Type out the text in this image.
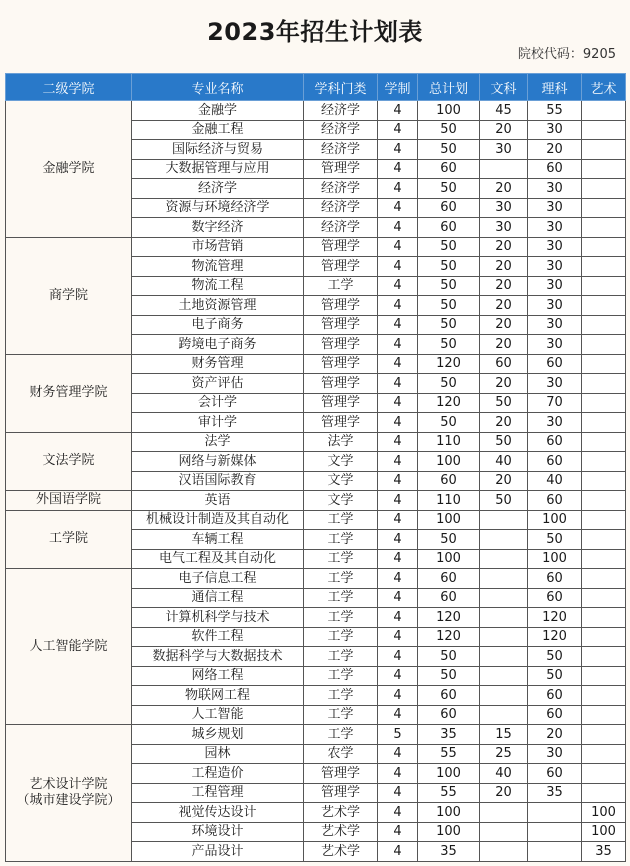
2023年招生计划表
院校代码：9205
二级学院	专业名称	学科门类	学制	总计划	文科	理科	艺术
金融学院	金融学	经济学	4	100	45	55	
	金融工程	经济学	4	50	20	30	
	国际经济与贸易	经济学	4	50	30	20	
	大数据管理与应用	管理学	4	60		60	
	经济学	经济学	4	50	20	30	
	资源与环境经济学	经济学	4	60	30	30	
	数字经济	经济学	4	60	30	30	
商学院	市场营销	管理学	4	50	20	30	
	物流管理	管理学	4	50	20	30	
	物流工程	工学	4	50	20	30	
	土地资源管理	管理学	4	50	20	30	
	电子商务	管理学	4	50	20	30	
	跨境电子商务	管理学	4	50	20	30	
财务管理学院	财务管理	管理学	4	120	60	60	
	资产评估	管理学	4	50	20	30	
	会计学	管理学	4	120	50	70	
	审计学	管理学	4	50	20	30	
文法学院	法学	法学	4	110	50	60	
	网络与新媒体	文学	4	100	40	60	
	汉语国际教育	文学	4	60	20	40	
外国语学院	英语	文学	4	110	50	60	
工学院	机械设计制造及其自动化	工学	4	100		100	
	车辆工程	工学	4	50		50	
	电气工程及其自动化	工学	4	100		100	
人工智能学院	电子信息工程	工学	4	60		60	
	通信工程	工学	4	60		60	
	计算机科学与技术	工学	4	120		120	
	软件工程	工学	4	120		120	
	数据科学与大数据技术	工学	4	50		50	
	网络工程	工学	4	50		50	
	物联网工程	工学	4	60		60	
	人工智能	工学	4	60		60	
艺术设计学院
（城市建设学院）	城乡规划	工学	5	35	15	20	
	园林	农学	4	55	25	30	
	工程造价	管理学	4	100	40	60	
	工程管理	管理学	4	55	20	35	
	视觉传达设计	艺术学	4	100			100
	环境设计	艺术学	4	100			100
	产品设计	艺术学	4	35			35
